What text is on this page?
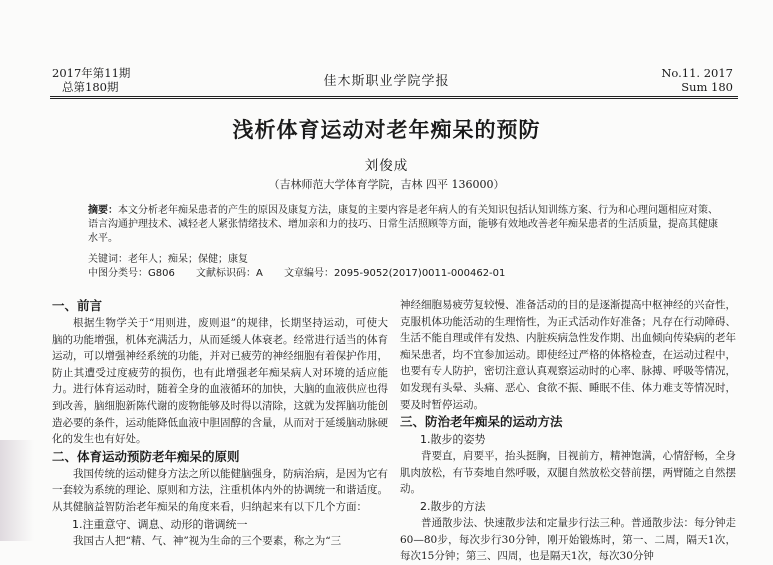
2017年第11期
总第180期	佳木斯职业学院学报
No.11. 2017
Sum 180
浅析体育运动对老年痴呆的预防
刘俊成
（吉林师范大学体育学院，吉林 四平 136000）
摘要：本文分析老年痴呆患者的产生的原因及康复方法，康复的主要内容是老年病人的有关知识包括认知训练方案、行为和心理问题相应对策、语言沟通护理技术、减轻老人紧张情绪技术、增加亲和力的技巧、日常生活照顾等方面，能够有效地改善老年痴呆患者的生活质量，提高其健康水平。
关键词：老年人；痴呆；保健；康复
中图分类号：G806 文献标识码：A 文章编号：2095-9052(2017)0011-000462-01
一、前言

根据生物学关于“用则进，废则退”的规律，长期坚持运动，可使大脑的功能增强，机体充满活力，从而延缓人体衰老。经常进行适当的体育运动，可以增强神经系统的功能，并对已疲劳的神经细胞有着保护作用，防止其遭受过度疲劳的损伤，也有此增强老年痴呆病人对环境的适应能力。进行体育运动时，随着全身的血液循环的加快，大脑的血液供应也得到改善，脑细胞新陈代谢的废物能够及时得以清除，这就为发挥脑功能创造必要的条件，运动能降低血液中胆固醇的含量，从而对于延缓脑动脉硬化的发生也有好处。

二、体育运动预防老年痴呆的原则

我国传统的运动健身方法之所以能健脑强身，防病治病，是因为它有一套较为系统的理论、原则和方法，注重机体内外的协调统一和谐适度。从其健脑益智防治老年痴呆的角度来看，归纳起来有以下几个方面：

1.注重意守、调息、动形的谐调统一

我国古人把“精、气、神”视为生命的三个要素，称之为“三

神经细胞易疲劳复较慢、准备活动的目的是逐渐提高中枢神经的兴奋性，克服机体功能活动的生理惰性，为正式活动作好准备；凡存在行动障碍、生活不能自理或伴有发热、内脏疾病急性发作期、出血倾向传染病的老年痴呆患者，均不宜参加运动。即使经过严格的体格检查，在运动过程中，也要有专人防护，密切注意认真观察运动时的心率、脉搏、呼吸等情况，如发现有头晕、头痛、恶心、食欲不振、睡眠不佳、体力难支等情况时，要及时暂停运动。

三、防治老年痴呆的运动方法
1.散步的姿势

背要直，肩要平，抬头挺胸，目视前方，精神饱满，心情舒畅，全身肌肉放松，有节奏地自然呼吸，双腿自然放松交替前摆，两臂随之自然摆动。

2.散步的方法

普通散步法、快速散步法和定量步行法三种。普通散步法：每分钟走60—80步，每次步行30分钟，刚开始锻炼时，第一、二周，隔天1次，每次15分钟；第三、四周，也是隔天1次，每次30分钟
